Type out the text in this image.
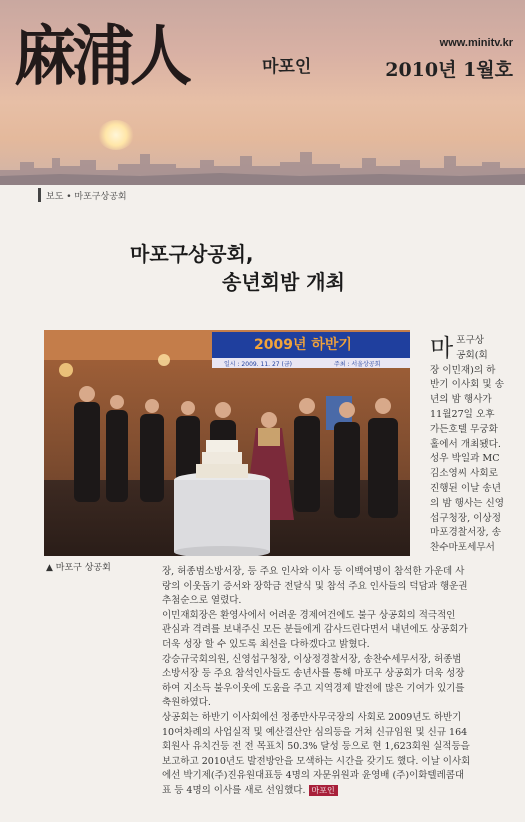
麻浦人	마포인
www.minitv.kr
2010년 1월호
보도 • 마포구상공회
마포구상공회,
송년회밤 개최
2009년 하반기
일시 : 2009. 11. 27 (금)	주최 : 서울상공회
▲ 마포구 상공회
마 포구상
공회(회
장 이민재)의 하
반기 이사회 및 송
년의 밤 행사가
11월27일 오후
가든호텔 무궁화
홀에서 개최됐다.
성우 박일과 MC
김소영씨 사회로
진행된 이날 송년
의 밤 행사는 신영
섭구청장, 이상정
마포경찰서장, 송
찬수마포세무서

장, 허종범소방서장, 등 주요 인사와 이사 등 이백여명이 참석한 가운데 사
랑의 이웃돕기 증서와 장학금 전달식 및 참석 주요 인사들의 덕담과 행운권
추첨순으로 열렸다.

이민재회장은 환영사에서 어려운 경제여건에도 불구 상공회의 적극적인
관심과 격려를 보내주신 모든 분들에게 감사드린다면서 내년에도 상공회가
더욱 성장 할 수 있도록 최선을 다하겠다고 밝혔다.

강승규국회의원, 신영섭구청장, 이상정경찰서장, 송찬수세무서장, 허종범
소방서장 등 주요 참석인사들도 송년사를 통해 마포구 상공회가 더욱 성장
하여 지소득 불우이웃에 도움을 주고 지역경제 발전에 많은 기여가 있기를
축원하였다.

상공회는 하반기 이사회에선 정종만사무국장의 사회로 2009년도 하반기
10여차례의 사업실적 및 예산결산안 심의등을 거쳐 신규임원 및 신규 164
회원사 유치건등 전 전 목표치 50.3% 달성 등으로 현 1,623회원 실적등을
보고하고 2010년도 발전방안을 모색하는 시간을 갖기도 했다. 이날 이사회
에선 박기제(주)진유원대표등 4명의 자문위원과 윤영배 (주)이화텔레콤대
표 등 4명의 이사를 새로 선임했다. 마포인
